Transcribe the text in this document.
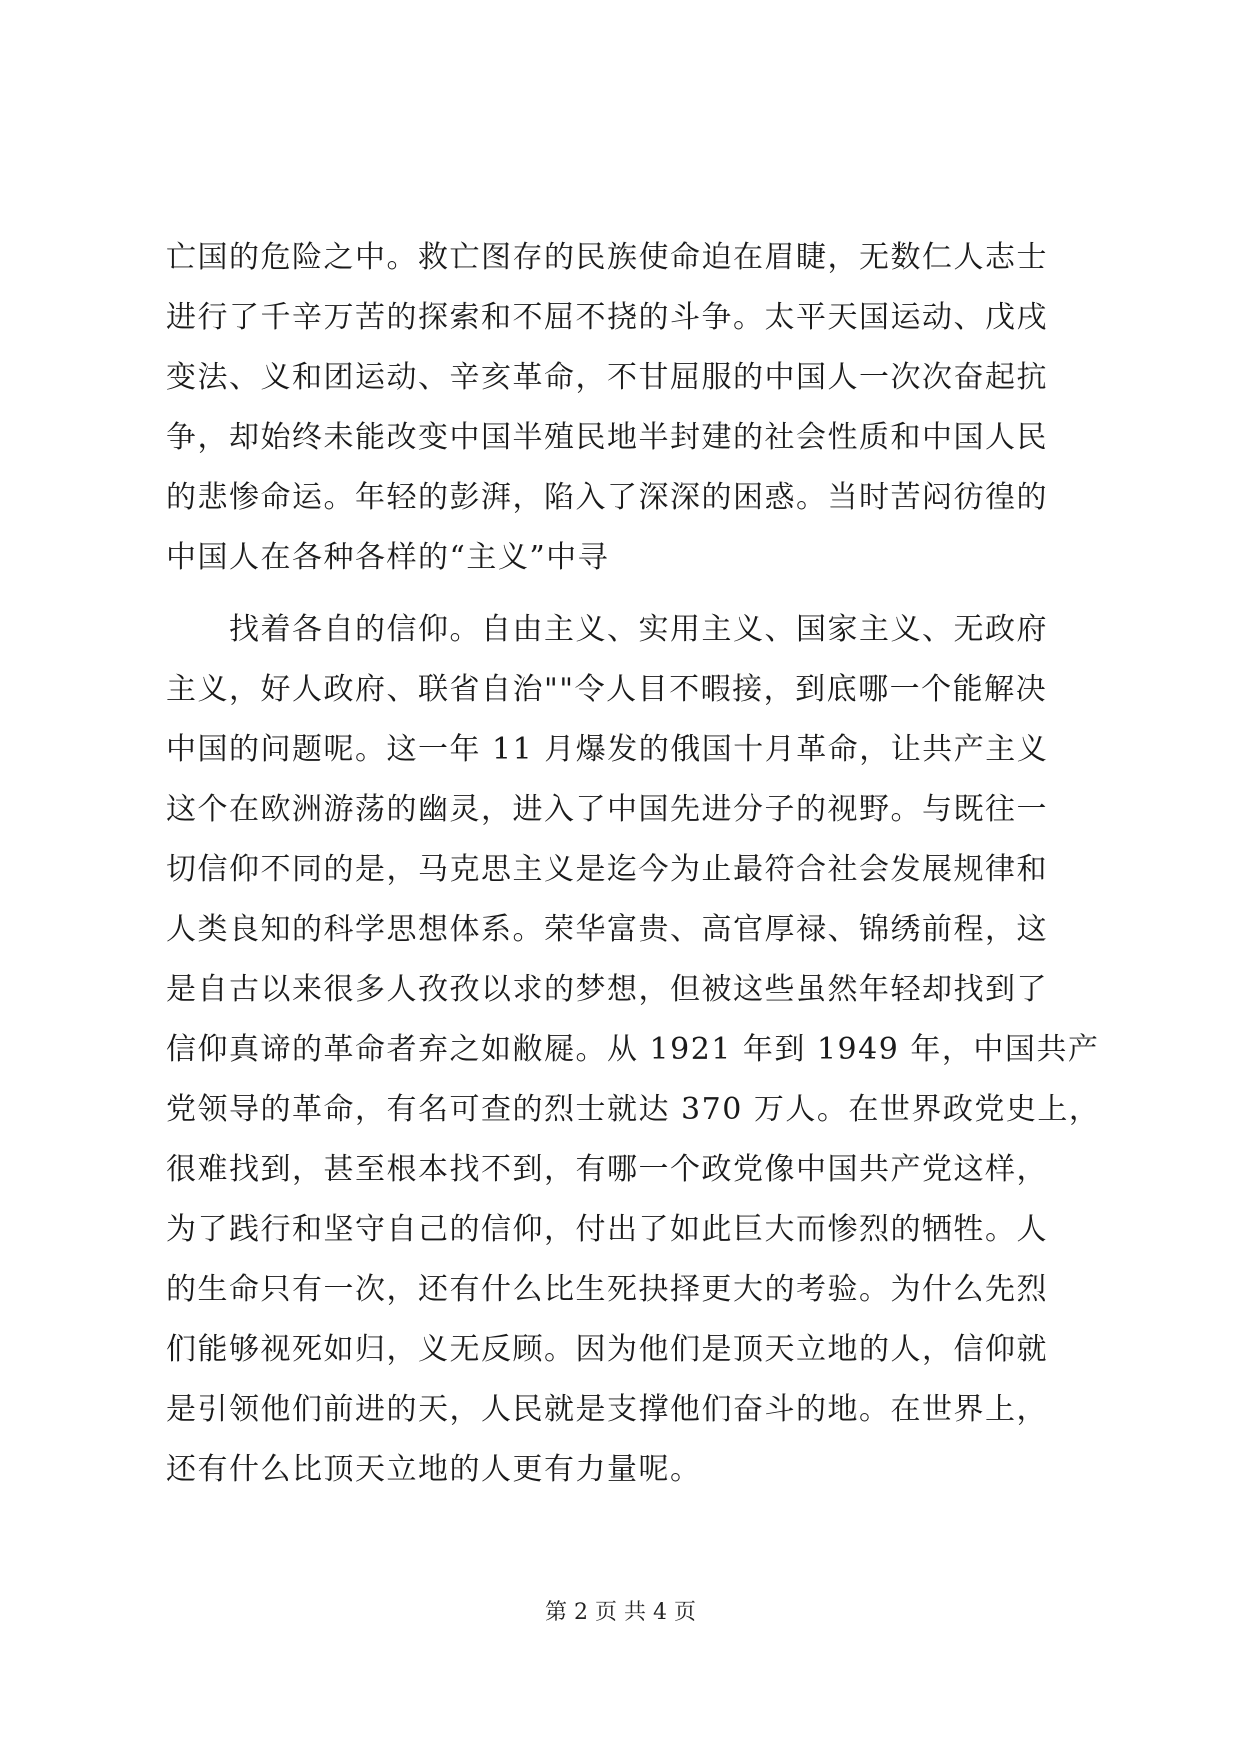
亡国的危险之中。救亡图存的民族使命迫在眉睫，无数仁人志士
进行了千辛万苦的探索和不屈不挠的斗争。太平天国运动、戊戌
变法、义和团运动、辛亥革命，不甘屈服的中国人一次次奋起抗
争，却始终未能改变中国半殖民地半封建的社会性质和中国人民
的悲惨命运。年轻的彭湃，陷入了深深的困惑。当时苦闷彷徨的
中国人在各种各样的“主义”中寻
　　找着各自的信仰。自由主义、实用主义、国家主义、无政府
主义，好人政府、联省自治""令人目不暇接，到底哪一个能解决
中国的问题呢。这一年 11 月爆发的俄国十月革命，让共产主义
这个在欧洲游荡的幽灵，进入了中国先进分子的视野。与既往一
切信仰不同的是，马克思主义是迄今为止最符合社会发展规律和
人类良知的科学思想体系。荣华富贵、高官厚禄、锦绣前程，这
是自古以来很多人孜孜以求的梦想，但被这些虽然年轻却找到了
信仰真谛的革命者弃之如敝屣。从 1921 年到 1949 年，中国共产
党领导的革命，有名可查的烈士就达 370 万人。在世界政党史上，
很难找到，甚至根本找不到，有哪一个政党像中国共产党这样，
为了践行和坚守自己的信仰，付出了如此巨大而惨烈的牺牲。人
的生命只有一次，还有什么比生死抉择更大的考验。为什么先烈
们能够视死如归，义无反顾。因为他们是顶天立地的人，信仰就
是引领他们前进的天，人民就是支撑他们奋斗的地。在世界上，
还有什么比顶天立地的人更有力量呢。
第 2 页 共 4 页
